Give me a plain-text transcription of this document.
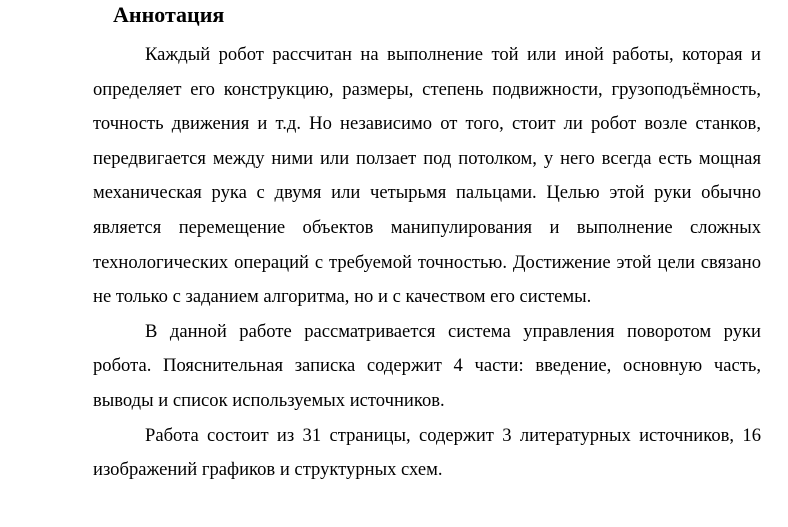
Аннотация

Каждый робот рассчитан на выполнение той или иной работы, которая и определяет его конструкцию, размеры, степень подвижности, грузоподъёмность, точность движения и т.д. Но независимо от того, стоит ли робот возле станков, передвигается между ними или ползает под потолком, у него всегда есть мощная механическая рука с двумя или четырьмя пальцами. Целью этой руки обычно является перемещение объектов манипулирования и выполнение сложных технологических операций с требуемой точностью. Достижение этой цели связано не только с заданием алгоритма, но и с качеством его системы.

В данной работе рассматривается система управления поворотом руки робота. Пояснительная записка содержит 4 части: введение, основную часть, выводы и список используемых источников.

Работа состоит из 31 страницы, содержит 3 литературных источников, 16 изображений графиков и структурных схем.
